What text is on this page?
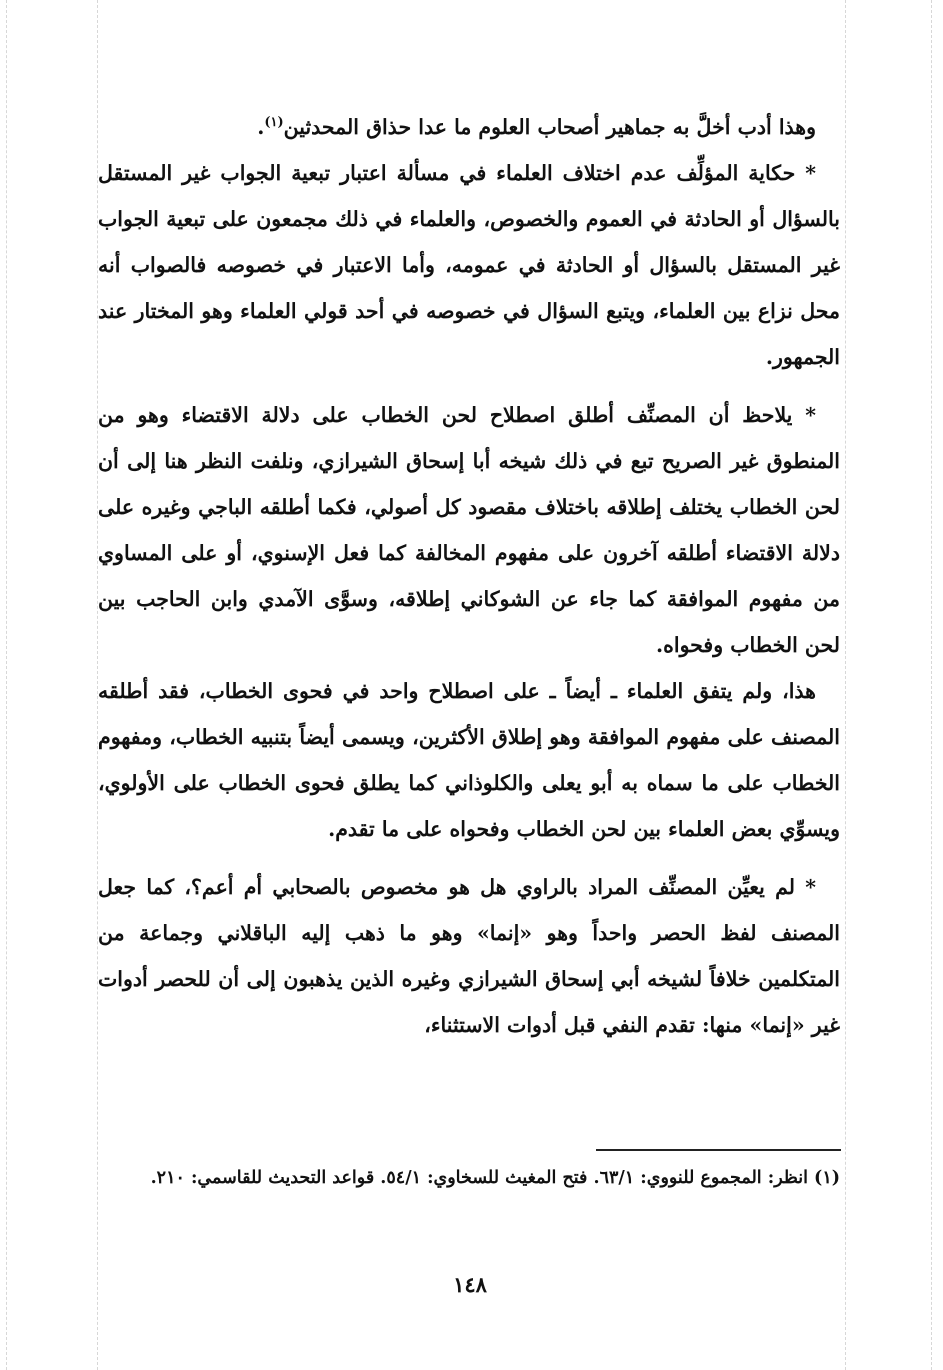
وهذا أدب أخلَّ به جماهير أصحاب العلوم ما عدا حذاق المحدثين$^{(١)}$.

* حكاية المؤلِّف عدم اختلاف العلماء في مسألة اعتبار تبعية الجواب غير المستقل بالسؤال أو الحادثة في العموم والخصوص، والعلماء في ذلك مجمعون على تبعية الجواب غير المستقل بالسؤال أو الحادثة في عمومه، وأما الاعتبار في خصوصه فالصواب أنه محل نزاع بين العلماء، ويتبع السؤال في خصوصه في أحد قولي العلماء وهو المختار عند الجمهور.

* يلاحظ أن المصنِّف أطلق اصطلاح لحن الخطاب على دلالة الاقتضاء وهو من المنطوق غير الصريح تبع في ذلك شيخه أبا إسحاق الشيرازي، ونلفت النظر هنا إلى أن لحن الخطاب يختلف إطلاقه باختلاف مقصود كل أصولي، فكما أطلقه الباجي وغيره على دلالة الاقتضاء أطلقه آخرون على مفهوم المخالفة كما فعل الإسنوي، أو على المساوي من مفهوم الموافقة كما جاء عن الشوكاني إطلاقه، وسوَّى الآمدي وابن الحاجب بين لحن الخطاب وفحواه.

هذا، ولم يتفق العلماء ـ أيضاً ـ على اصطلاح واحد في فحوى الخطاب، فقد أطلقه المصنف على مفهوم الموافقة وهو إطلاق الأكثرين، ويسمى أيضاً بتنبيه الخطاب، ومفهوم الخطاب على ما سماه به أبو يعلى والكلوذاني كما يطلق فحوى الخطاب على الأولوي، ويسوِّي بعض العلماء بين لحن الخطاب وفحواه على ما تقدم.

* لم يعيِّن المصنِّف المراد بالراوي هل هو مخصوص بالصحابي أم أعم؟، كما جعل المصنف لفظ الحصر واحداً وهو «إنما» وهو ما ذهب إليه الباقلاني وجماعة من المتكلمين خلافاً لشيخه أبي إسحاق الشيرازي وغيره الذين يذهبون إلى أن للحصر أدوات غير «إنما» منها: تقدم النفي قبل أدوات الاستثناء،

(١) انظر: المجموع للنووي: ٦٣/١. فتح المغيث للسخاوي: ٥٤/١. قواعد التحديث للقاسمي: ٢١٠.
١٤٨
